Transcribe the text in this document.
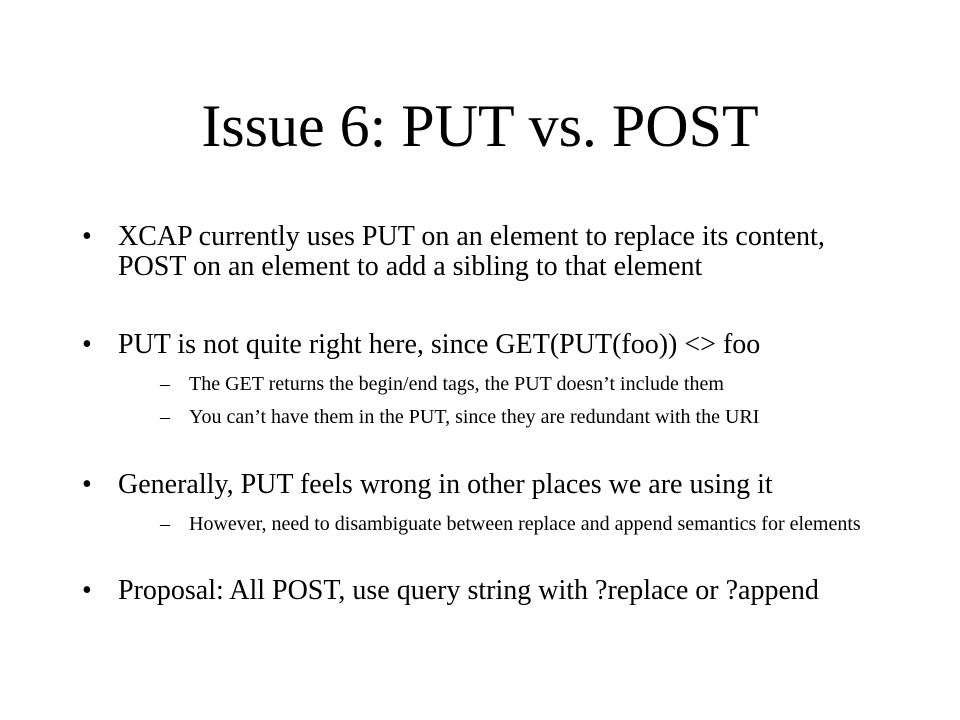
Issue 6: PUT vs. POST
• XCAP currently uses PUT on an element to replace its content, POST on an element to add a sibling to that element
• PUT is not quite right here, since GET(PUT(foo)) <> foo
– The GET returns the begin/end tags, the PUT doesn’t include them
– You can’t have them in the PUT, since they are redundant with the URI
• Generally, PUT feels wrong in other places we are using it
– However, need to disambiguate between replace and append semantics for elements
• Proposal: All POST, use query string with ?replace or ?append
